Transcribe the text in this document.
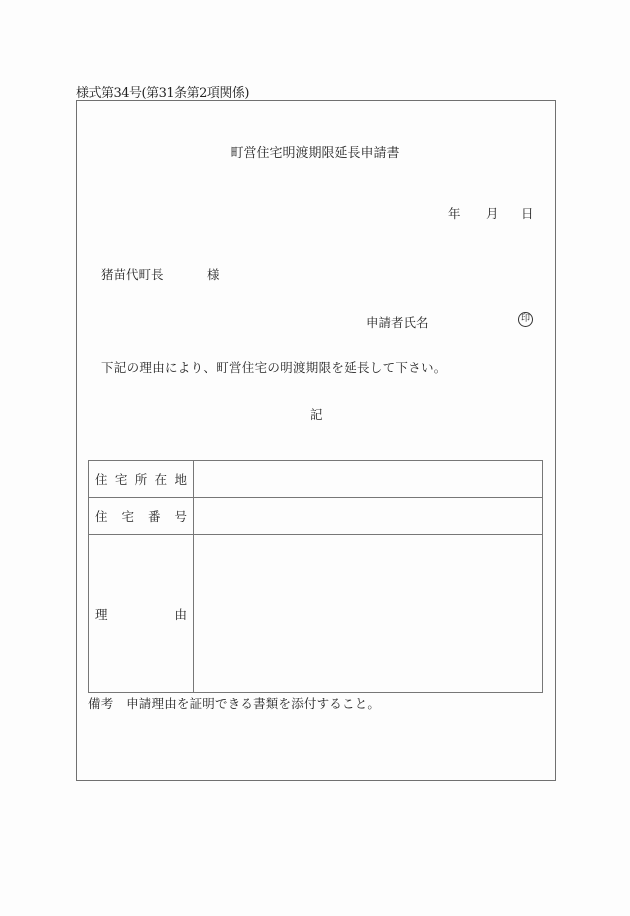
様式第34号(第31条第2項関係)
町営住宅明渡期限延長申請書
年 月 日
猪苗代町長	様
申請者氏名	印
下記の理由により、町営住宅の明渡期限を延長して下さい。
記
住 宅 所 在 地	

住 宅 番 号	

理 由	

備考　申請理由を証明できる書類を添付すること。
